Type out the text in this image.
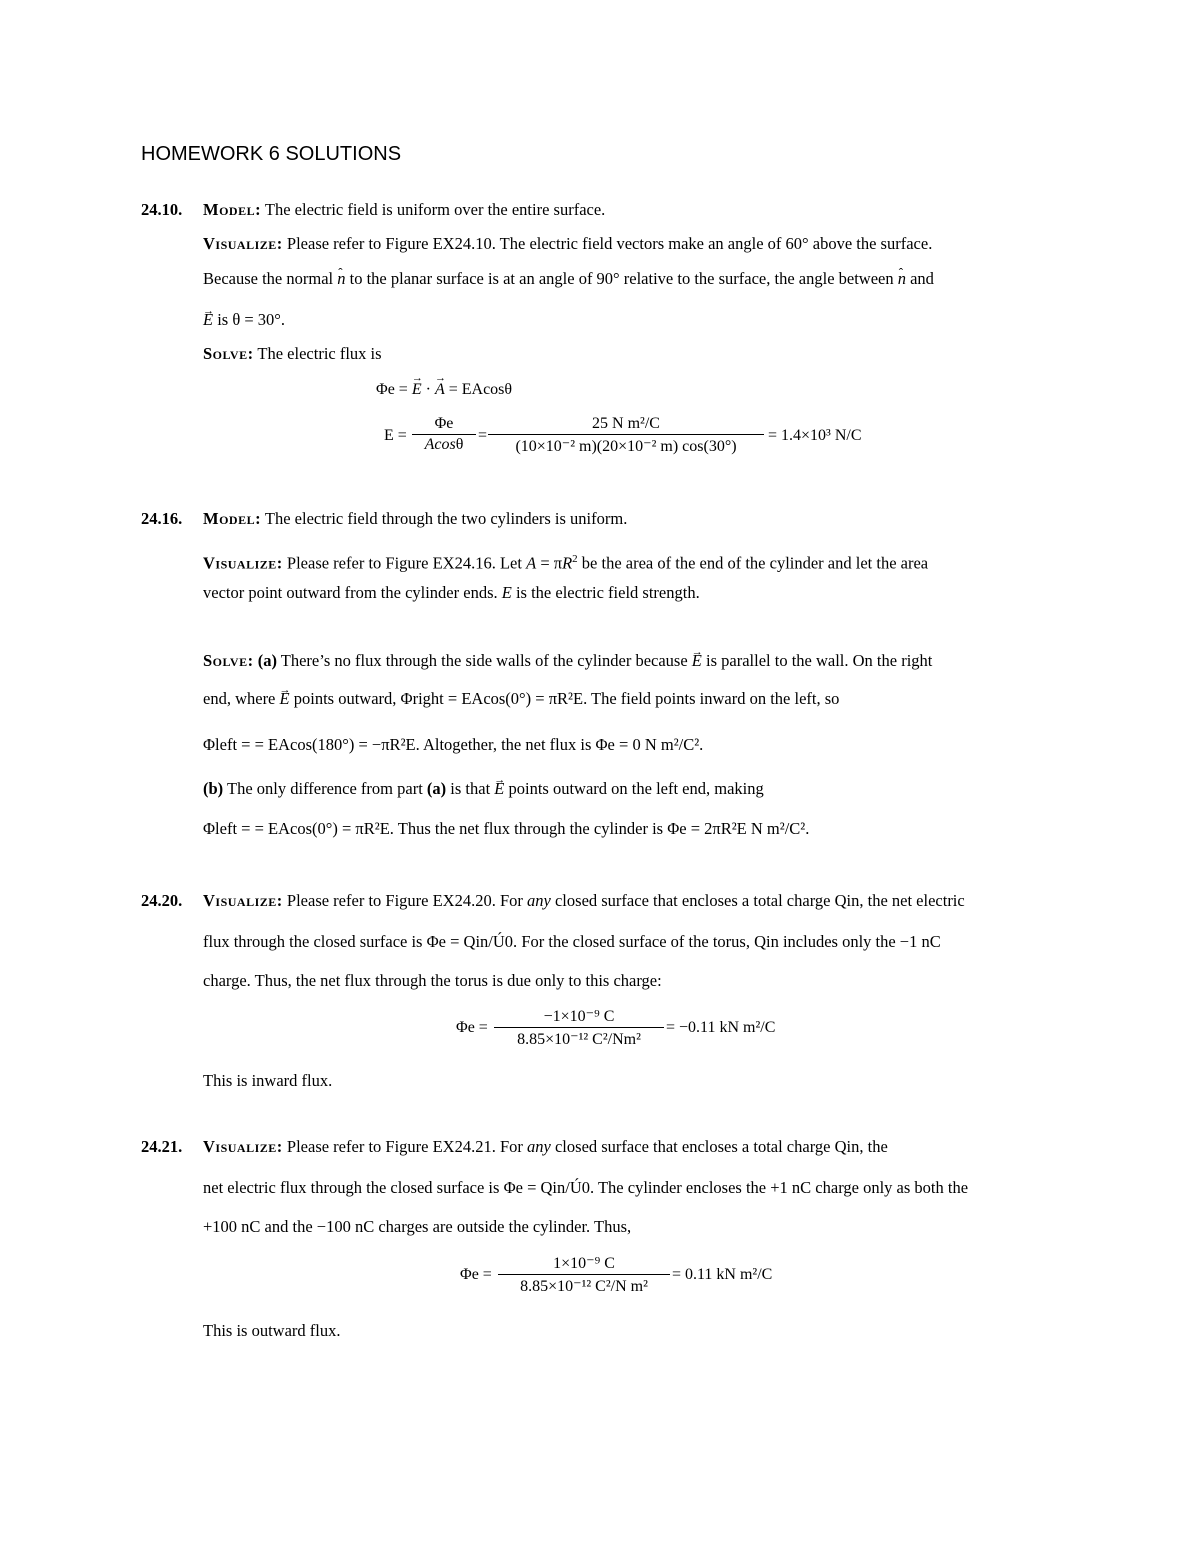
HOMEWORK 6 SOLUTIONS
24.10. Model: The electric field is uniform over the entire surface.
Visualize: Please refer to Figure EX24.10. The electric field vectors make an angle of 60° above the surface.
Because the normal ˆ n to the planar surface is at an angle of 90° relative to the surface, the angle between ˆ n and
→ E is θ = 30°.
Solve: The electric flux is
Φe = → E · → A = EAcosθ
$E = \frac{\Phi e}{Acos\theta} = \frac{\text{25 N m²/C}}{\text{(10×10⁻² m)(20×10⁻² m) cos(30°)}} = 1.4\times 10^3$ N/C
24.16. Model: The electric field through the two cylinders is uniform.
Visualize: Please refer to Figure EX24.16. Let $A = \pi R^2$ be the area of the end of the cylinder and let the area
vector point outward from the cylinder ends. E is the electric field strength.
Solve: (a) There’s no flux through the side walls of the cylinder because → E is parallel to the wall. On the right
end, where → E points outward, Φright = EAcos(0°) = πR²E. The field points inward on the left, so
Φleft = = EAcos(180°) = −πR²E. Altogether, the net flux is Φe = 0 N m²/C².
(b) The only difference from part (a) is that → E points outward on the left end, making
Φleft = = EAcos(0°) = πR²E. Thus the net flux through the cylinder is Φe = 2πR²E N m²/C².
24.20. Visualize: Please refer to Figure EX24.20. For any closed surface that encloses a total charge Qin, the net electric
flux through the closed surface is Φe = Qin/Ú0. For the closed surface of the torus, Qin includes only the −1 nC
charge. Thus, the net flux through the torus is due only to this charge:
$\Phi e = \frac{\text{−1×10⁻⁹ C}}{\text{8.85×10⁻¹² C²/Nm²}} = -0.11$ kN m²/C
This is inward flux.
24.21. Visualize: Please refer to Figure EX24.21. For any closed surface that encloses a total charge Qin, the
net electric flux through the closed surface is Φe = Qin/Ú0. The cylinder encloses the +1 nC charge only as both the
+100 nC and the −100 nC charges are outside the cylinder. Thus,
$\Phi e = \frac{\text{1×10⁻⁹ C}}{\text{8.85×10⁻¹² C²/N m²}} = 0.11$ kN m²/C
This is outward flux.
